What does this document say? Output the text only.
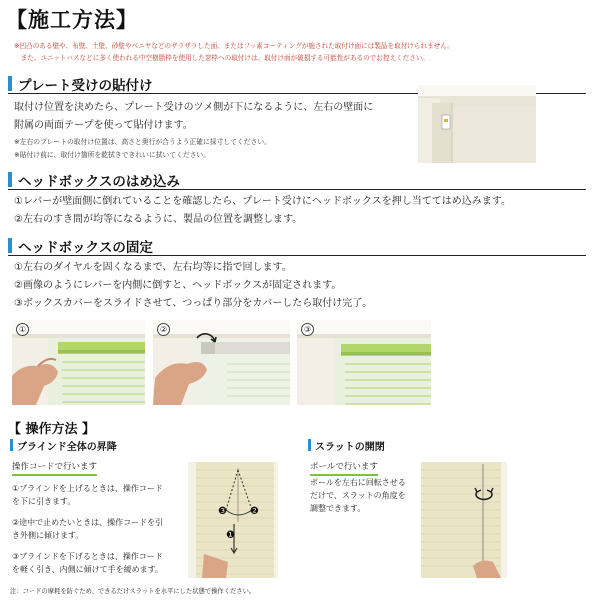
【施工方法】
※凹凸のある壁や、布壁、土壁、砂壁やベニヤなどのザラザラした面、またはフッ素コーティングが施された取付け面には製品を取付けられません。
　また、ユニットバスなどに多く使われる中空樹脂枠を使用した窓枠への取付けは、取付け面が破損する可能性があるのでお控えください。
プレート受けの貼付け
取付け位置を決めたら、プレート受けのツメ側が下になるように、左右の壁面に
附属の両面テープを使って貼付けます。
※左右のプレートの取付け位置は、高さと奥行が合うよう正確に採寸してください。
※貼付け前に、取付け箇所を乾拭きできれいに拭いてください。
ヘッドボックスのはめ込み
①レバーが壁面側に倒れていることを確認したら、プレート受けにヘッドボックスを押し当ててはめ込みます。
②左右のすき間が均等になるように、製品の位置を調整します。
ヘッドボックスの固定
①左右のダイヤルを固くなるまで、左右均等に指で回します。
②画像のようにレバーを内側に倒すと、ヘッドボックスが固定されます。
③ボックスカバーをスライドさせて、つっぱり部分をカバーしたら取付け完了。
①	②	③
【 操作方法 】
ブラインド全体の昇降
操作コードで行います
①ブラインドを上げるときは、操作コード
を下に引きます。
②途中で止めたいときは、操作コードを引
き外側に傾けます。
③ブラインドを下げるときは、操作コード
を軽く引き、内側に傾けて手を緩めます。
❸ ❷
❶
スラットの開閉
ポールで行います
ポールを左右に回転させる
だけで、スラットの角度を
調整できます。
注：コードの摩耗を防ぐため、できるだけスラットを水平にした状態で操作ください。
